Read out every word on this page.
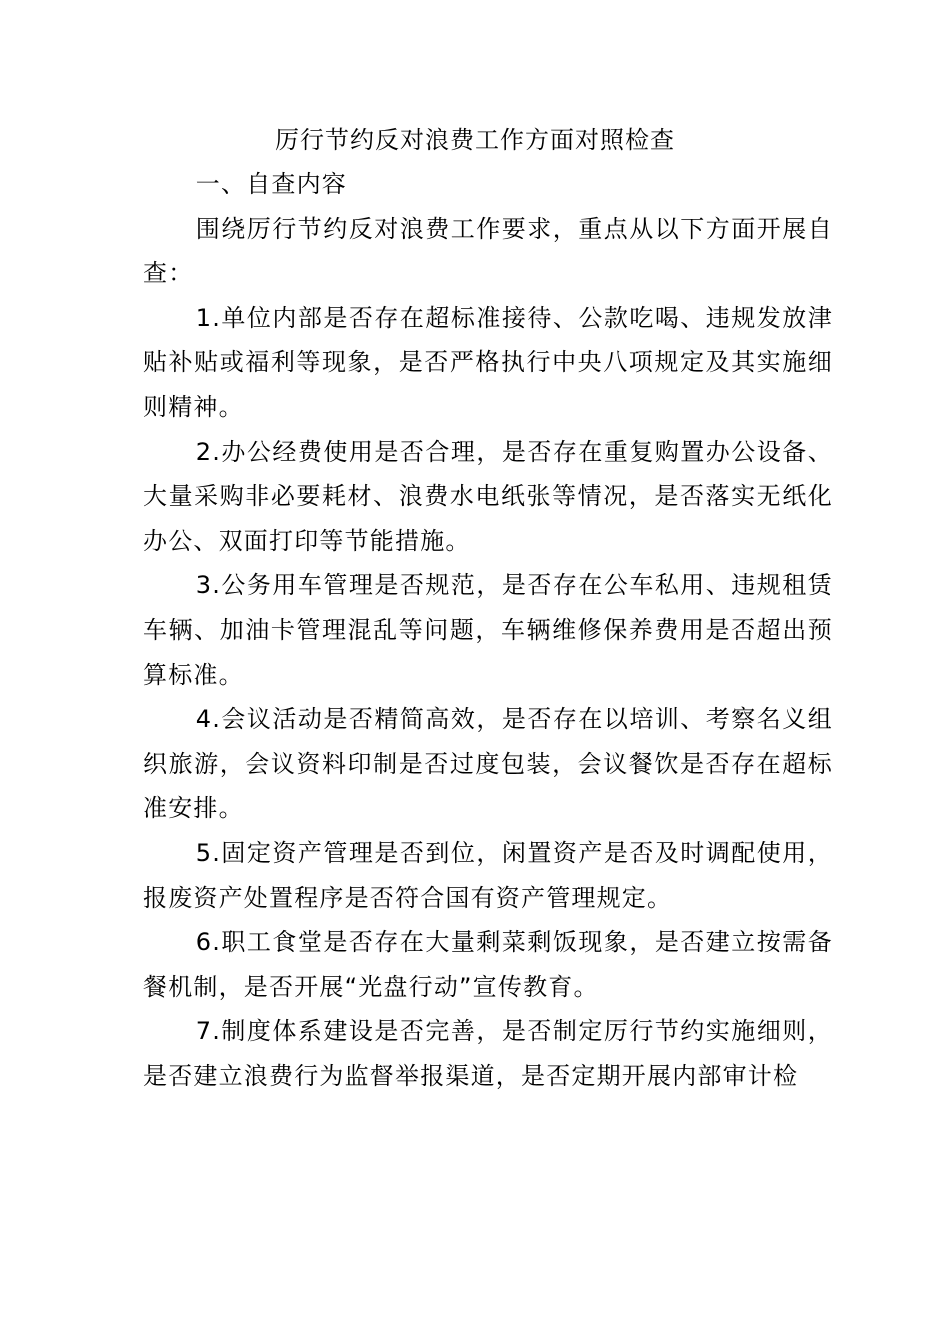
厉行节约反对浪费工作方面对照检查

一、自查内容

围绕厉行节约反对浪费工作要求，重点从以下方面开展自查：

1.单位内部是否存在超标准接待、公款吃喝、违规发放津贴补贴或福利等现象，是否严格执行中央八项规定及其实施细则精神。

2.办公经费使用是否合理，是否存在重复购置办公设备、大量采购非必要耗材、浪费水电纸张等情况，是否落实无纸化办公、双面打印等节能措施。

3.公务用车管理是否规范，是否存在公车私用、违规租赁车辆、加油卡管理混乱等问题，车辆维修保养费用是否超出预算标准。

4.会议活动是否精简高效，是否存在以培训、考察名义组织旅游，会议资料印制是否过度包装，会议餐饮是否存在超标准安排。

5.固定资产管理是否到位，闲置资产是否及时调配使用，报废资产处置程序是否符合国有资产管理规定。

6.职工食堂是否存在大量剩菜剩饭现象，是否建立按需备餐机制，是否开展“光盘行动”宣传教育。

7.制度体系建设是否完善，是否制定厉行节约实施细则，是否建立浪费行为监督举报渠道，是否定期开展内部审计检
